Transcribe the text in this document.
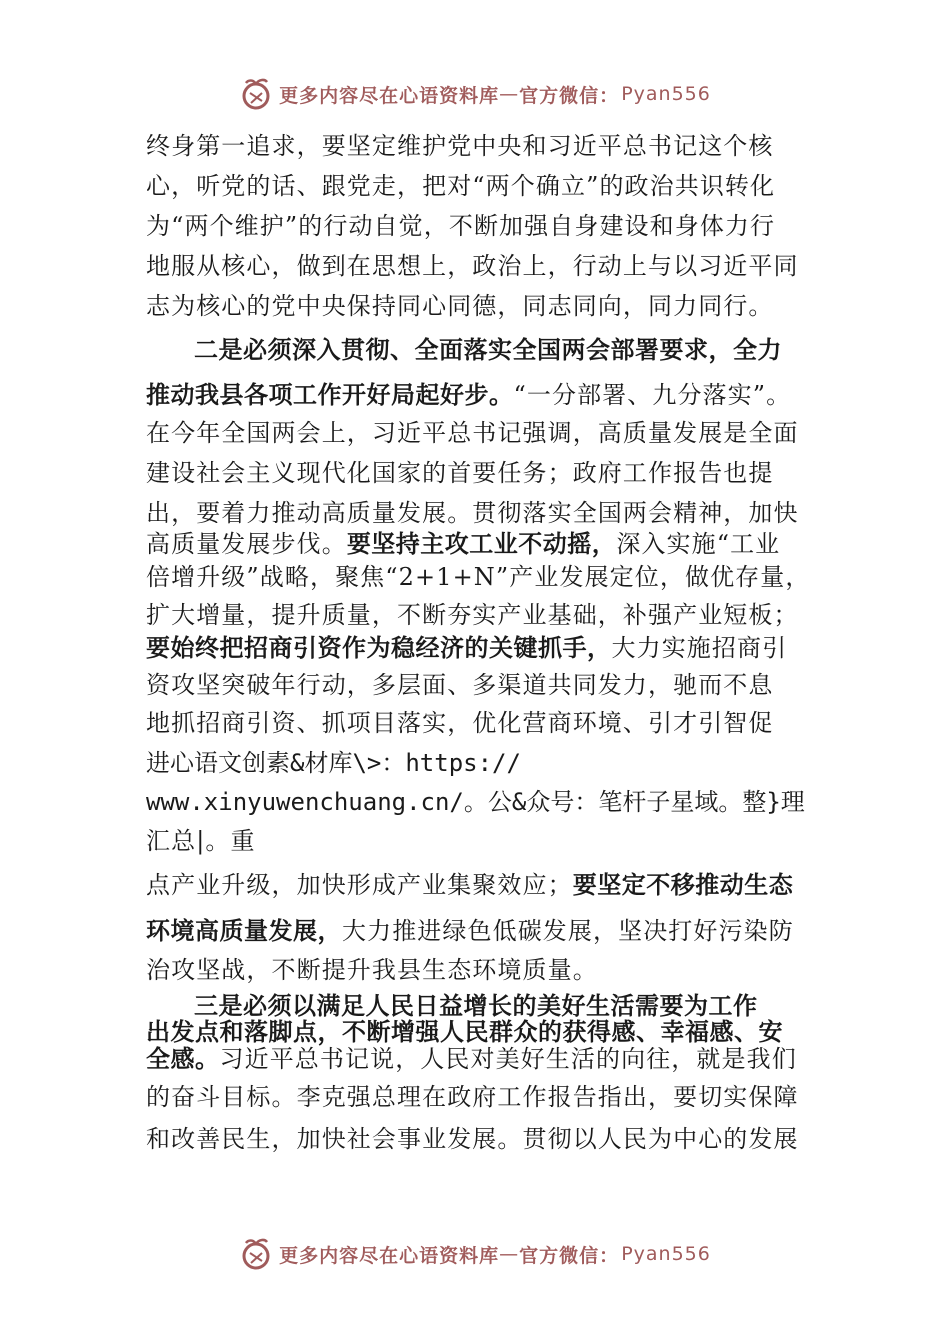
更多内容尽在心语资料库 — 官方微信： Pyan556
终身第一追求，要坚定维护党中央和习近平总书记这个核
心，听党的话、跟党走，把对“两个确立”的政治共识转化
为“两个维护”的行动自觉，不断加强自身建设和身体力行
地服从核心，做到在思想上，政治上，行动上与以习近平同
志为核心的党中央保持同心同德，同志同向，同力同行。
二是必须深入贯彻、全面落实全国两会部署要求，全力
推动我县各项工作开好局起好步。“一分部署、九分落实”。
在今年全国两会上，习近平总书记强调，高质量发展是全面
建设社会主义现代化国家的首要任务；政府工作报告也提
出，要着力推动高质量发展。贯彻落实全国两会精神，加快
高质量发展步伐。要坚持主攻工业不动摇，深入实施“工业
倍增升级”战略，聚焦“2+1+N”产业发展定位，做优存量，
扩大增量，提升质量，不断夯实产业基础，补强产业短板；
要始终把招商引资作为稳经济的关键抓手，大力实施招商引
资攻坚突破年行动，多层面、多渠道共同发力，驰而不息
地抓招商引资、抓项目落实，优化营商环境、引才引智促
进心语文创素&材库\>：https://
www.xinyuwenchuang.cn/。公&众号：笔杆子星域。整}理
汇总|。重
点产业升级，加快形成产业集聚效应；要坚定不移推动生态
环境高质量发展，大力推进绿色低碳发展，坚决打好污染防
治攻坚战，不断提升我县生态环境质量。
三是必须以满足人民日益增长的美好生活需要为工作
出发点和落脚点，不断增强人民群众的获得感、幸福感、安
全感。习近平总书记说，人民对美好生活的向往，就是我们
的奋斗目标。李克强总理在政府工作报告指出，要切实保障
和改善民生，加快社会事业发展。贯彻以人民为中心的发展
更多内容尽在心语资料库 — 官方微信： Pyan556
